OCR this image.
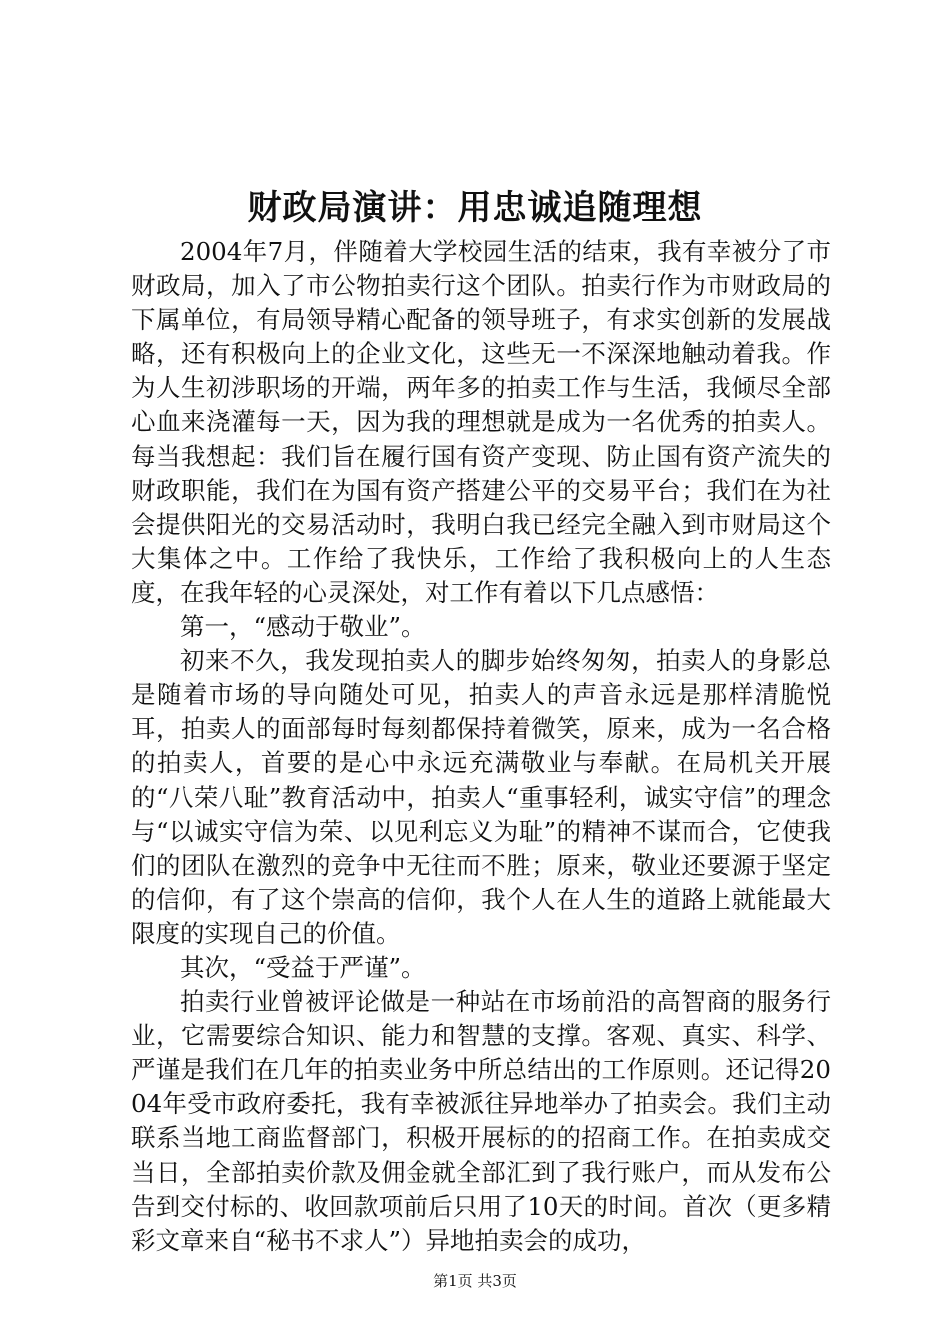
财政局演讲：用忠诚追随理想

2004年7月，伴随着大学校园生活的结束，我有幸被分了市财政局，加入了市公物拍卖行这个团队。拍卖行作为市财政局的下属单位，有局领导精心配备的领导班子，有求实创新的发展战略，还有积极向上的企业文化，这些无一不深深地触动着我。作为人生初涉职场的开端，两年多的拍卖工作与生活，我倾尽全部心血来浇灌每一天，因为我的理想就是成为一名优秀的拍卖人。每当我想起：我们旨在履行国有资产变现、防止国有资产流失的财政职能，我们在为国有资产搭建公平的交易平台；我们在为社会提供阳光的交易活动时，我明白我已经完全融入到市财局这个大集体之中。工作给了我快乐，工作给了我积极向上的人生态度，在我年轻的心灵深处，对工作有着以下几点感悟：

第一，“感动于敬业”。

初来不久，我发现拍卖人的脚步始终匆匆，拍卖人的身影总是随着市场的导向随处可见，拍卖人的声音永远是那样清脆悦耳，拍卖人的面部每时每刻都保持着微笑，原来，成为一名合格的拍卖人，首要的是心中永远充满敬业与奉献。在局机关开展的“八荣八耻”教育活动中，拍卖人“重事轻利，诚实守信”的理念与“以诚实守信为荣、以见利忘义为耻”的精神不谋而合，它使我们的团队在激烈的竞争中无往而不胜；原来，敬业还要源于坚定的信仰，有了这个崇高的信仰，我个人在人生的道路上就能最大限度的实现自己的价值。

其次，“受益于严谨”。

拍卖行业曾被评论做是一种站在市场前沿的高智商的服务行业，它需要综合知识、能力和智慧的支撑。客观、真实、科学、严谨是我们在几年的拍卖业务中所总结出的工作原则。还记得2004年受市政府委托，我有幸被派往异地举办了拍卖会。我们主动联系当地工商监督部门，积极开展标的的招商工作。在拍卖成交当日，全部拍卖价款及佣金就全部汇到了我行账户，而从发布公告到交付标的、收回款项前后只用了10天的时间。首次（更多精彩文章来自“秘书不求人”）异地拍卖会的成功，

第1页 共3页
